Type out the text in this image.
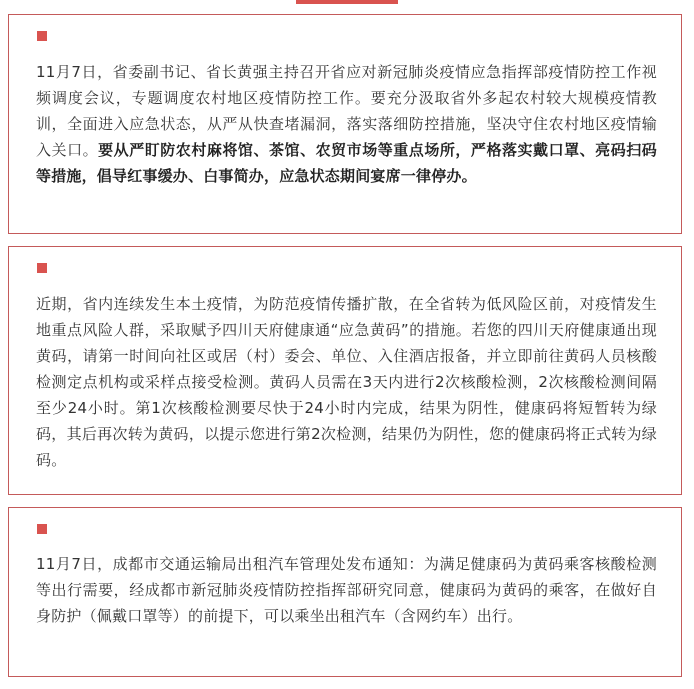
11月7日，省委副书记、省长黄强主持召开省应对新冠肺炎疫情应急指挥部疫情防控工作视频调度会议，专题调度农村地区疫情防控工作。要充分汲取省外多起农村较大规模疫情教训，全面进入应急状态，从严从快查堵漏洞，落实落细防控措施，坚决守住农村地区疫情输入关口。要从严盯防农村麻将馆、茶馆、农贸市场等重点场所，严格落实戴口罩、亮码扫码等措施，倡导红事缓办、白事简办，应急状态期间宴席一律停办。

近期，省内连续发生本土疫情，为防范疫情传播扩散，在全省转为低风险区前，对疫情发生地重点风险人群，采取赋予四川天府健康通“应急黄码”的措施。若您的四川天府健康通出现黄码，请第一时间向社区或居（村）委会、单位、入住酒店报备，并立即前往黄码人员核酸检测定点机构或采样点接受检测。黄码人员需在3天内进行2次核酸检测，2次核酸检测间隔至少24小时。第1次核酸检测要尽快于24小时内完成，结果为阴性，健康码将短暂转为绿码，其后再次转为黄码，以提示您进行第2次检测，结果仍为阴性，您的健康码将正式转为绿码。

11月7日，成都市交通运输局出租汽车管理处发布通知：为满足健康码为黄码乘客核酸检测等出行需要，经成都市新冠肺炎疫情防控指挥部研究同意，健康码为黄码的乘客，在做好自身防护（佩戴口罩等）的前提下，可以乘坐出租汽车（含网约车）出行。
